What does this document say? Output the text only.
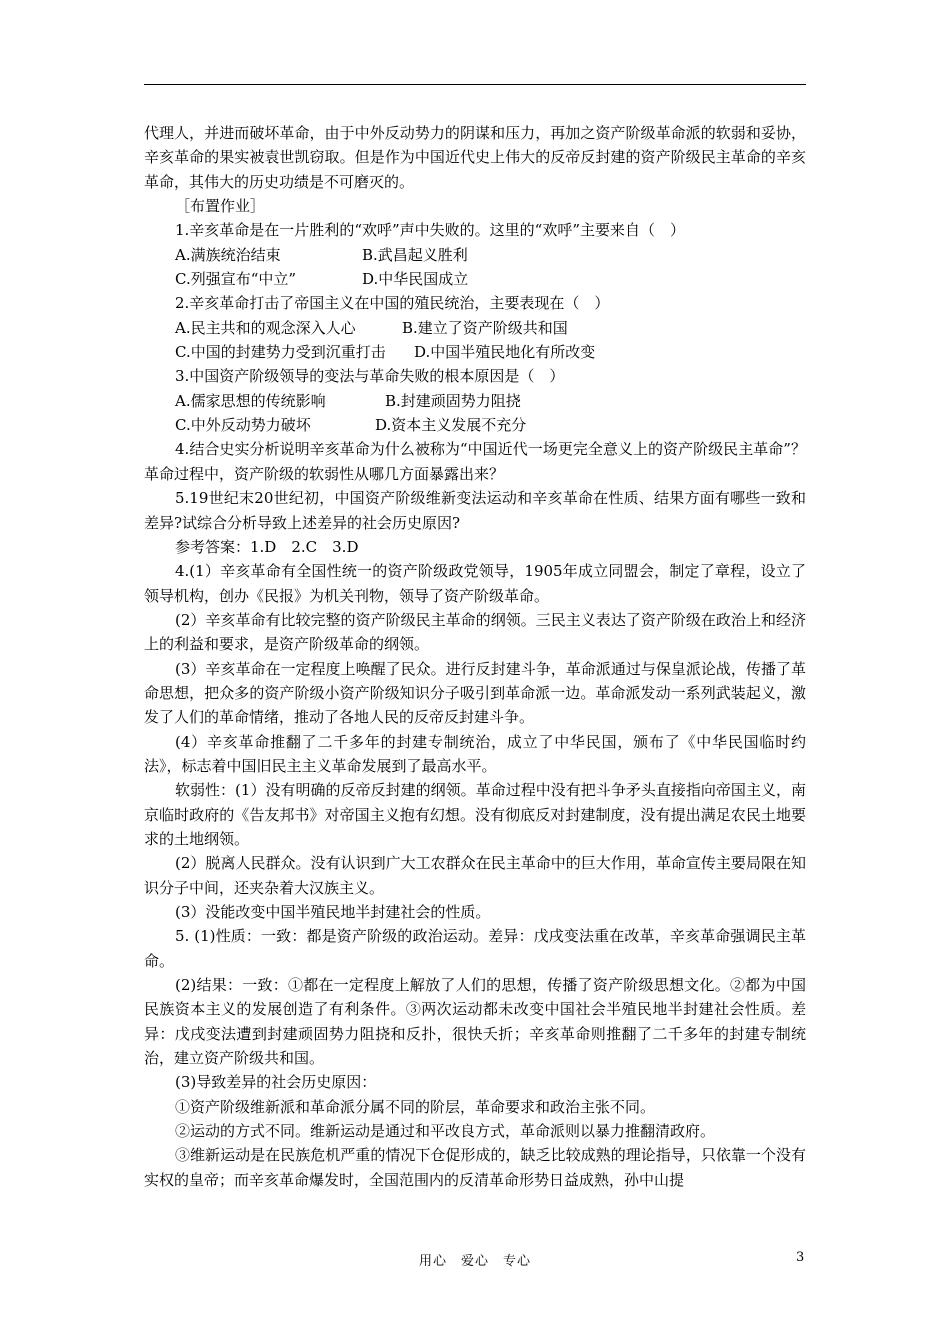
代理人，并进而破坏革命，由于中外反动势力的阴谋和压力，再加之资产阶级革命派的软弱和妥协，辛亥革命的果实被袁世凯窃取。但是作为中国近代史上伟大的反帝反封建的资产阶级民主革命的辛亥革命，其伟大的历史功绩是不可磨灭的。

［布置作业］

1.辛亥革命是在一片胜利的“欢呼”声中失败的。这里的“欢呼”主要来自（　）

A.满族统治结束	B.武昌起义胜利

C.列强宣布“中立”	D.中华民国成立

2.辛亥革命打击了帝国主义在中国的殖民统治，主要表现在（　）

A.民主共和的观念深入人心	B.建立了资产阶级共和国

C.中国的封建势力受到沉重打击 D.中国半殖民地化有所改变

3.中国资产阶级领导的变法与革命失败的根本原因是（　）

A.儒家思想的传统影响	B.封建顽固势力阻挠

C.中外反动势力破坏	D.资本主义发展不充分

4.结合史实分析说明辛亥革命为什么被称为“中国近代一场更完全意义上的资产阶级民主革命”？革命过程中，资产阶级的软弱性从哪几方面暴露出来？

5.19世纪末20世纪初，中国资产阶级维新变法运动和辛亥革命在性质、结果方面有哪些一致和差异?试综合分析导致上述差异的社会历史原因?

参考答案：1.D　2.C　3.D

4.(1）辛亥革命有全国性统一的资产阶级政党领导，1905年成立同盟会，制定了章程，设立了领导机构，创办《民报》为机关刊物，领导了资产阶级革命。

(2）辛亥革命有比较完整的资产阶级民主革命的纲领。三民主义表达了资产阶级在政治上和经济上的利益和要求，是资产阶级革命的纲领。

(3）辛亥革命在一定程度上唤醒了民众。进行反封建斗争，革命派通过与保皇派论战，传播了革命思想，把众多的资产阶级小资产阶级知识分子吸引到革命派一边。革命派发动一系列武装起义，激发了人们的革命情绪，推动了各地人民的反帝反封建斗争。

(4）辛亥革命推翻了二千多年的封建专制统治，成立了中华民国，颁布了《中华民国临时约法》，标志着中国旧民主主义革命发展到了最高水平。

软弱性：(1）没有明确的反帝反封建的纲领。革命过程中没有把斗争矛头直接指向帝国主义，南京临时政府的《告友邦书》对帝国主义抱有幻想。没有彻底反对封建制度，没有提出满足农民土地要求的土地纲领。

(2）脱离人民群众。没有认识到广大工农群众在民主革命中的巨大作用，革命宣传主要局限在知识分子中间，还夹杂着大汉族主义。

(3）没能改变中国半殖民地半封建社会的性质。

5. (1)性质：一致：都是资产阶级的政治运动。差异：戊戌变法重在改革，辛亥革命强调民主革命。

(2)结果：一致：①都在一定程度上解放了人们的思想，传播了资产阶级思想文化。②都为中国民族资本主义的发展创造了有利条件。③两次运动都未改变中国社会半殖民地半封建社会性质。差异：戊戌变法遭到封建顽固势力阻挠和反扑，很快夭折；辛亥革命则推翻了二千多年的封建专制统治，建立资产阶级共和国。

(3)导致差异的社会历史原因：

①资产阶级维新派和革命派分属不同的阶层，革命要求和政治主张不同。

②运动的方式不同。维新运动是通过和平改良方式，革命派则以暴力推翻清政府。

③维新运动是在民族危机严重的情况下仓促形成的，缺乏比较成熟的理论指导，只依靠一个没有实权的皇帝；而辛亥革命爆发时，全国范围内的反清革命形势日益成熟，孙中山提

用心　爱心　专心	3
